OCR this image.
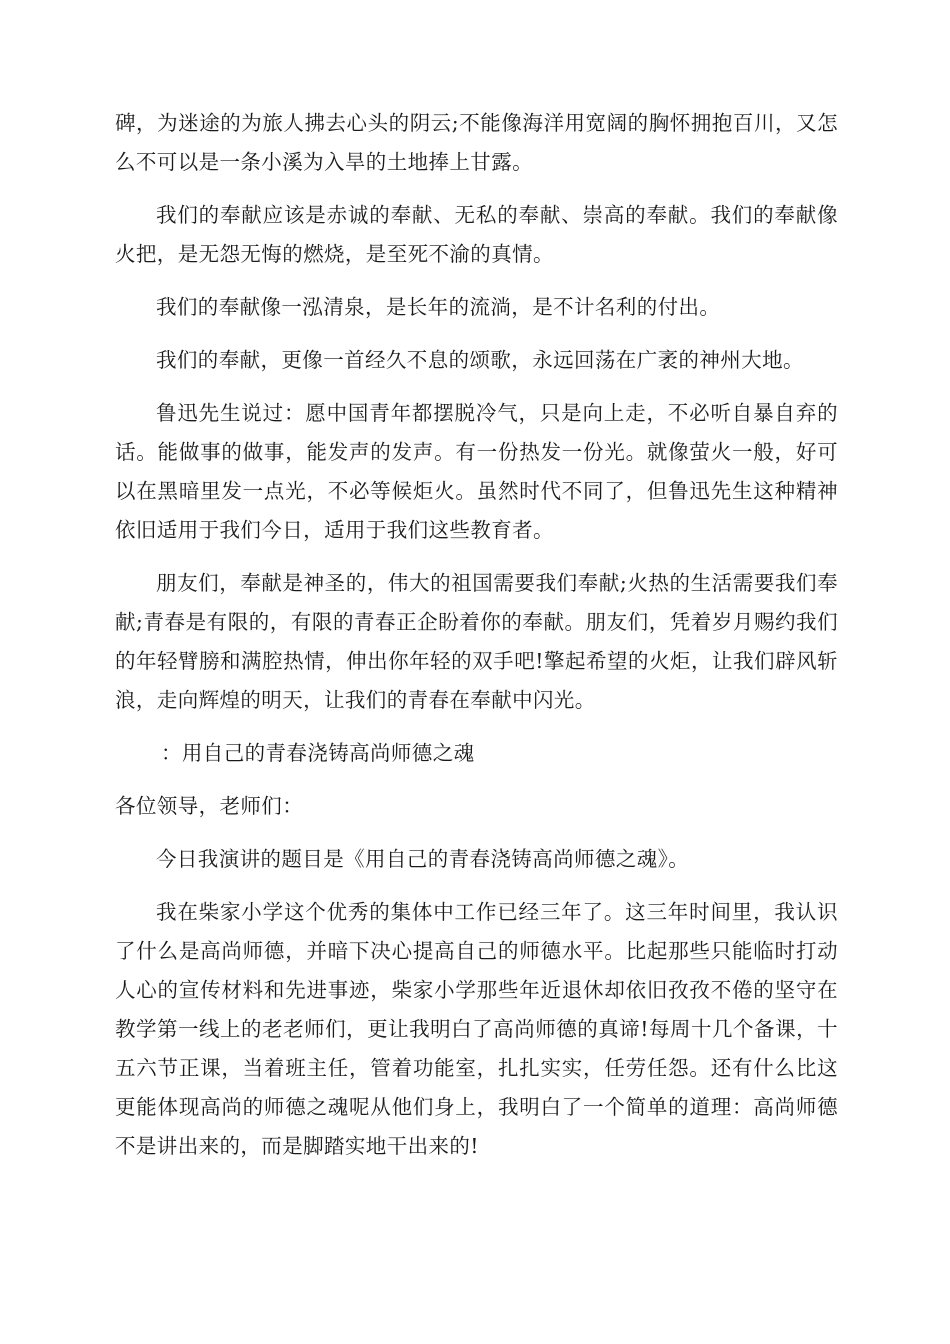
碑，为迷途的为旅人拂去心头的阴云;不能像海洋用宽阔的胸怀拥抱百川，又怎么不可以是一条小溪为入旱的土地捧上甘露。

我们的奉献应该是赤诚的奉献、无私的奉献、崇高的奉献。我们的奉献像火把，是无怨无悔的燃烧，是至死不渝的真情。

我们的奉献像一泓清泉，是长年的流淌，是不计名利的付出。

我们的奉献，更像一首经久不息的颂歌，永远回荡在广袤的神州大地。

鲁迅先生说过：愿中国青年都摆脱冷气，只是向上走，不必听自暴自弃的话。能做事的做事，能发声的发声。有一份热发一份光。就像萤火一般，好可以在黑暗里发一点光，不必等候炬火。虽然时代不同了，但鲁迅先生这种精神依旧适用于我们今日，适用于我们这些教育者。

朋友们，奉献是神圣的，伟大的祖国需要我们奉献;火热的生活需要我们奉献;青春是有限的，有限的青春正企盼着你的奉献。朋友们，凭着岁月赐约我们的年轻臂膀和满腔热情，伸出你年轻的双手吧!擎起希望的火炬，让我们辟风斩浪，走向辉煌的明天，让我们的青春在奉献中闪光。

：用自己的青春浇铸高尚师德之魂

各位领导，老师们：

今日我演讲的题目是《用自己的青春浇铸高尚师德之魂》。

我在柴家小学这个优秀的集体中工作已经三年了。这三年时间里，我认识了什么是高尚师德，并暗下决心提高自己的师德水平。比起那些只能临时打动人心的宣传材料和先进事迹，柴家小学那些年近退休却依旧孜孜不倦的坚守在教学第一线上的老老师们，更让我明白了高尚师德的真谛!每周十几个备课，十五六节正课，当着班主任，管着功能室，扎扎实实，任劳任怨。还有什么比这更能体现高尚的师德之魂呢从他们身上，我明白了一个简单的道理：高尚师德不是讲出来的，而是脚踏实地干出来的!
